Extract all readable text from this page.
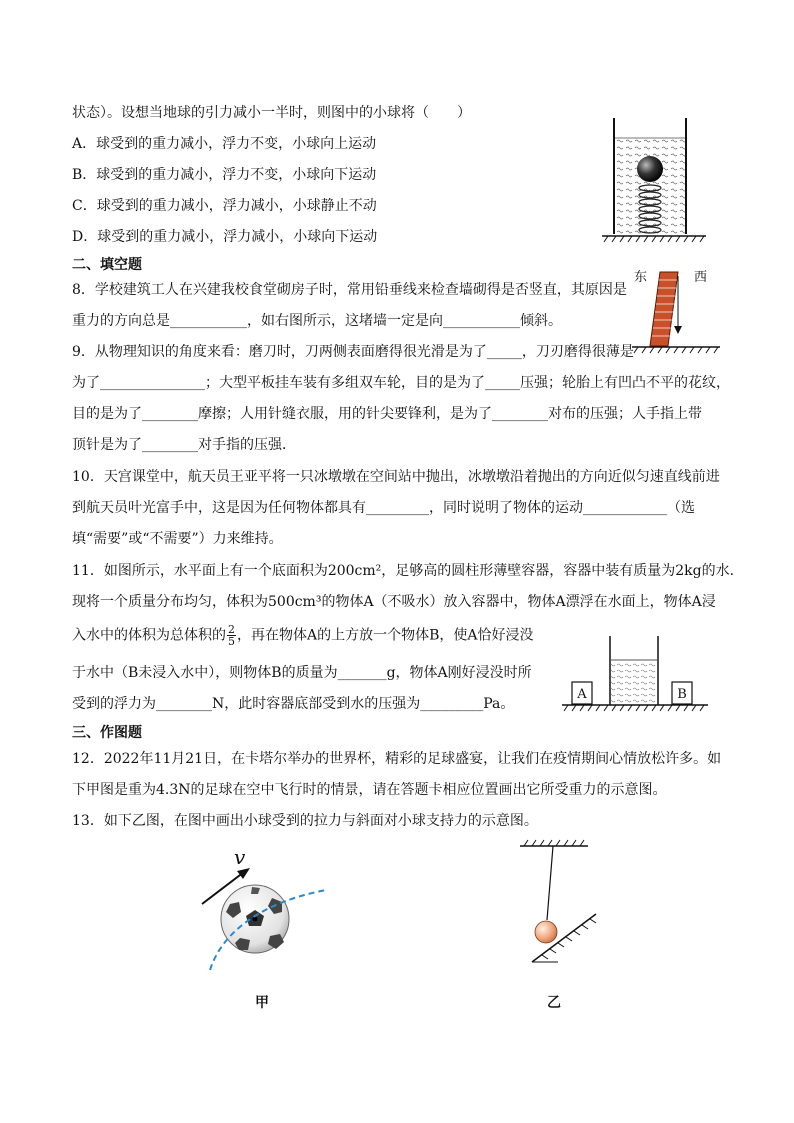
状态）。设想当地球的引力减小一半时，则图中的小球将（　　）
A．球受到的重力减小，浮力不变，小球向上运动
B．球受到的重力减小，浮力不变，小球向下运动
C．球受到的重力减小，浮力减小，小球静止不动
D．球受到的重力减小，浮力减小，小球向下运动
二、填空题
8．学校建筑工人在兴建我校食堂砌房子时，常用铅垂线来检查墙砌得是否竖直，其原因是
重力的方向总是___________，如右图所示，这堵墙一定是向___________倾斜。
东	西
9．从物理知识的角度来看：磨刀时，刀两侧表面磨得很光滑是为了_____，刀刃磨得很薄是
为了_______________；大型平板挂车装有多组双车轮，目的是为了_____压强；轮胎上有凹凸不平的花纹，
目的是为了________摩擦；人用针缝衣服，用的针尖要锋利，是为了________对布的压强；人手指上带
顶针是为了________对手指的压强．
10．天宫课堂中，航天员王亚平将一只冰墩墩在空间站中抛出，冰墩墩沿着抛出的方向近似匀速直线前进
到航天员叶光富手中，这是因为任何物体都具有_________，同时说明了物体的运动____________（选
填“需要”或“不需要”）力来维持。
11．如图所示，水平面上有一个底面积为200cm²，足够高的圆柱形薄壁容器，容器中装有质量为2kg的水.
现将一个质量分布均匀，体积为500cm³的物体A（不吸水）放入容器中，物体A漂浮在水面上，物体A浸
入水中的体积为总体积的 $\frac{2}{5}$ ，再在物体A的上方放一个物体B，使A恰好浸没
于水中（B未浸入水中），则物体B的质量为_______g，物体A刚好浸没时所
受到的浮力为________N，此时容器底部受到水的压强为_________Pa。
A	B
三、作图题
12．2022年11月21日，在卡塔尔举办的世界杯，精彩的足球盛宴，让我们在疫情期间心情放松许多。如
下甲图是重为4.3N的足球在空中飞行时的情景，请在答题卡相应位置画出它所受重力的示意图。
13．如下乙图，在图中画出小球受到的拉力与斜面对小球支持力的示意图。
v
甲	乙
